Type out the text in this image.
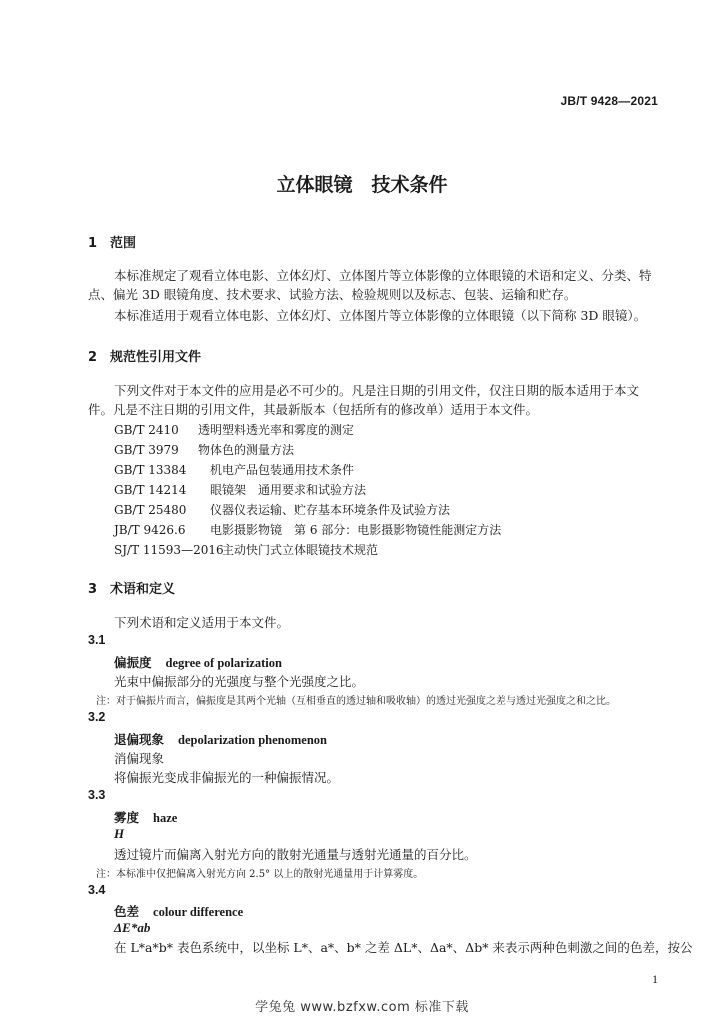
JB/T 9428—2021
立体眼镜　技术条件
1 范围
本标准规定了观看立体电影、立体幻灯、立体图片等立体影像的立体眼镜的术语和定义、分类、特
点、偏光 3D 眼镜角度、技术要求、试验方法、检验规则以及标志、包装、运输和贮存。
本标准适用于观看立体电影、立体幻灯、立体图片等立体影像的立体眼镜（以下简称 3D 眼镜）。
2 规范性引用文件
下列文件对于本文件的应用是必不可少的。凡是注日期的引用文件，仅注日期的版本适用于本文
件。凡是不注日期的引用文件，其最新版本（包括所有的修改单）适用于本文件。
GB/T 2410 透明塑料透光率和雾度的测定
GB/T 3979 物体色的测量方法
GB/T 13384 机电产品包装通用技术条件
GB/T 14214 眼镜架　通用要求和试验方法
GB/T 25480 仪器仪表运输、贮存基本环境条件及试验方法
JB/T 9426.6 电影摄影物镜　第 6 部分：电影摄影物镜性能测定方法
SJ/T 11593—2016主动快门式立体眼镜技术规范
3 术语和定义
下列术语和定义适用于本文件。
3.1
偏振度 degree of polarization
光束中偏振部分的光强度与整个光强度之比。
注：对于偏振片而言，偏振度是其两个光轴（互相垂直的透过轴和吸收轴）的透过光强度之差与透过光强度之和之比。
3.2
退偏现象 depolarization phenomenon
消偏现象
将偏振光变成非偏振光的一种偏振情况。
3.3
雾度 haze
H
透过镜片而偏离入射光方向的散射光通量与透射光通量的百分比。
注：本标准中仅把偏离入射光方向 2.5° 以上的散射光通量用于计算雾度。
3.4
色差 colour difference
ΔE*ab
在 L*a*b* 表色系统中，以坐标 L*、a*、b* 之差 ΔL*、Δa*、Δb* 来表示两种色刺激之间的色差，按公
1
学兔兔 www.bzfxw.com 标准下载
